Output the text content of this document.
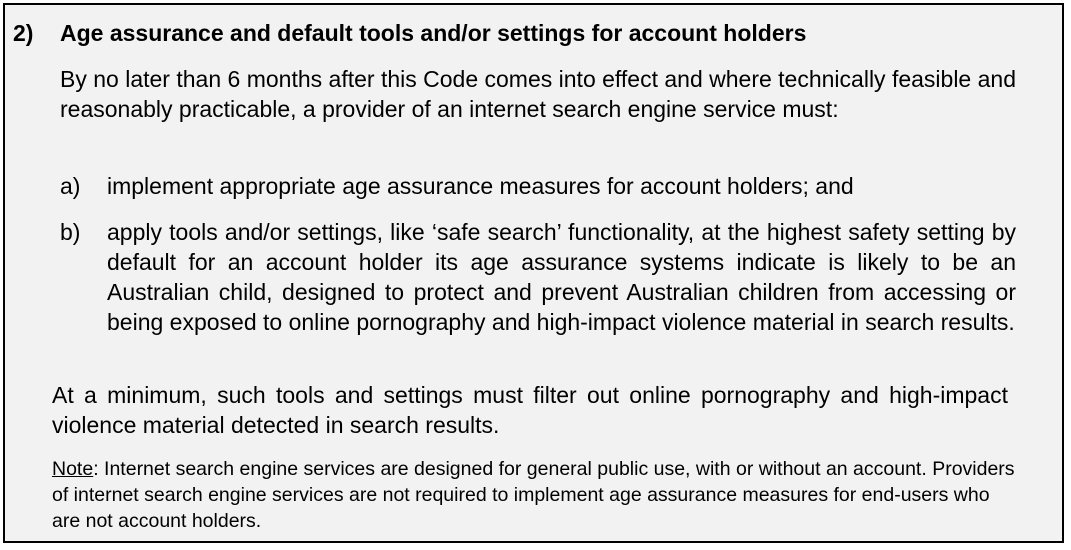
2) Age assurance and default tools and/or settings for account holders
By no later than 6 months after this Code comes into effect and where technically feasible and reasonably practicable, a provider of an internet search engine service must:
a)	implement appropriate age assurance measures for account holders; and
b)	apply tools and/or settings, like ‘safe search’ functionality, at the highest safety setting by default for an account holder its age assurance systems indicate is likely to be an Australian child, designed to protect and prevent Australian children from accessing or being exposed to online pornography and high-impact violence material in search results.
At a minimum, such tools and settings must filter out online pornography and high-impact violence material detected in search results.
Note: Internet search engine services are designed for general public use, with or without an account. Providers of internet search engine services are not required to implement age assurance measures for end-users who are not account holders.
